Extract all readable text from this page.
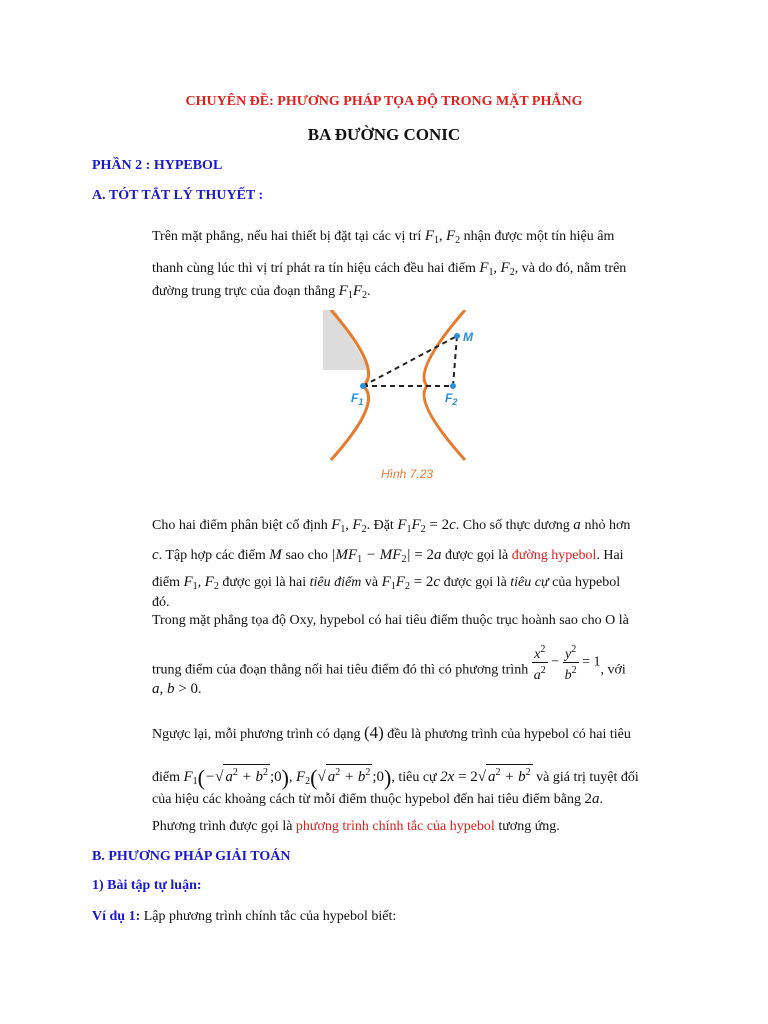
CHUYÊN ĐỀ: PHƯƠNG PHÁP TỌA ĐỘ TRONG MẶT PHẲNG
BA ĐƯỜNG CONIC
PHẦN 2 : HYPEBOL
A. TÓT TẮT LÝ THUYẾT :
Trên mặt phẳng, nếu hai thiết bị đặt tại các vị trí $F_1$, $F_2$ nhận được một tín hiệu âm
thanh cùng lúc thì vị trí phát ra tín hiệu cách đều hai điểm $F_1$, $F_2$, và do đó, nằm trên
đường trung trực của đoạn thẳng $F_1F_2$.
M
$F_1$	$F_2$
Hình 7.23
Cho hai điểm phân biệt cố định $F_1$, $F_2$. Đặt $F_1F_2 = 2c$. Cho số thực dương a nhỏ hơn
c. Tập hợp các điểm M sao cho $|MF_1 - MF_2| = 2a$ được gọi là đường hypebol. Hai
điểm $F_1$, $F_2$ được gọi là hai tiêu điểm và $F_1F_2 = 2c$ được gọi là tiêu cự của hypebol
đó.
Trong mặt phẳng tọa độ Oxy, hypebol có hai tiêu điểm thuộc trục hoành sao cho O là
trung điểm của đoạn thẳng nối hai tiêu điểm đó thì có phương trình $\frac{x^2}{a^2} - \frac{y^2}{b^2} = 1$, với
a, b > 0.
Ngược lại, mỗi phương trình có dạng (4) đều là phương trình của hypebol có hai tiêu
điểm $F_1(-√$ $a^2 + b^2$ ;0), $F_2(√$ $a^2 + b^2$ ;0), tiêu cự 2x = 2√ $a^2 + b^2$ và giá trị tuyệt đối
của hiệu các khoảng cách từ mỗi điểm thuộc hypebol đến hai tiêu điểm bằng 2a.
Phương trình được gọi là phương trình chính tắc của hypebol tương ứng.
B. PHƯƠNG PHÁP GIẢI TOÁN
1) Bài tập tự luận:
Ví dụ 1: Lập phương trình chính tắc của hypebol biết:
